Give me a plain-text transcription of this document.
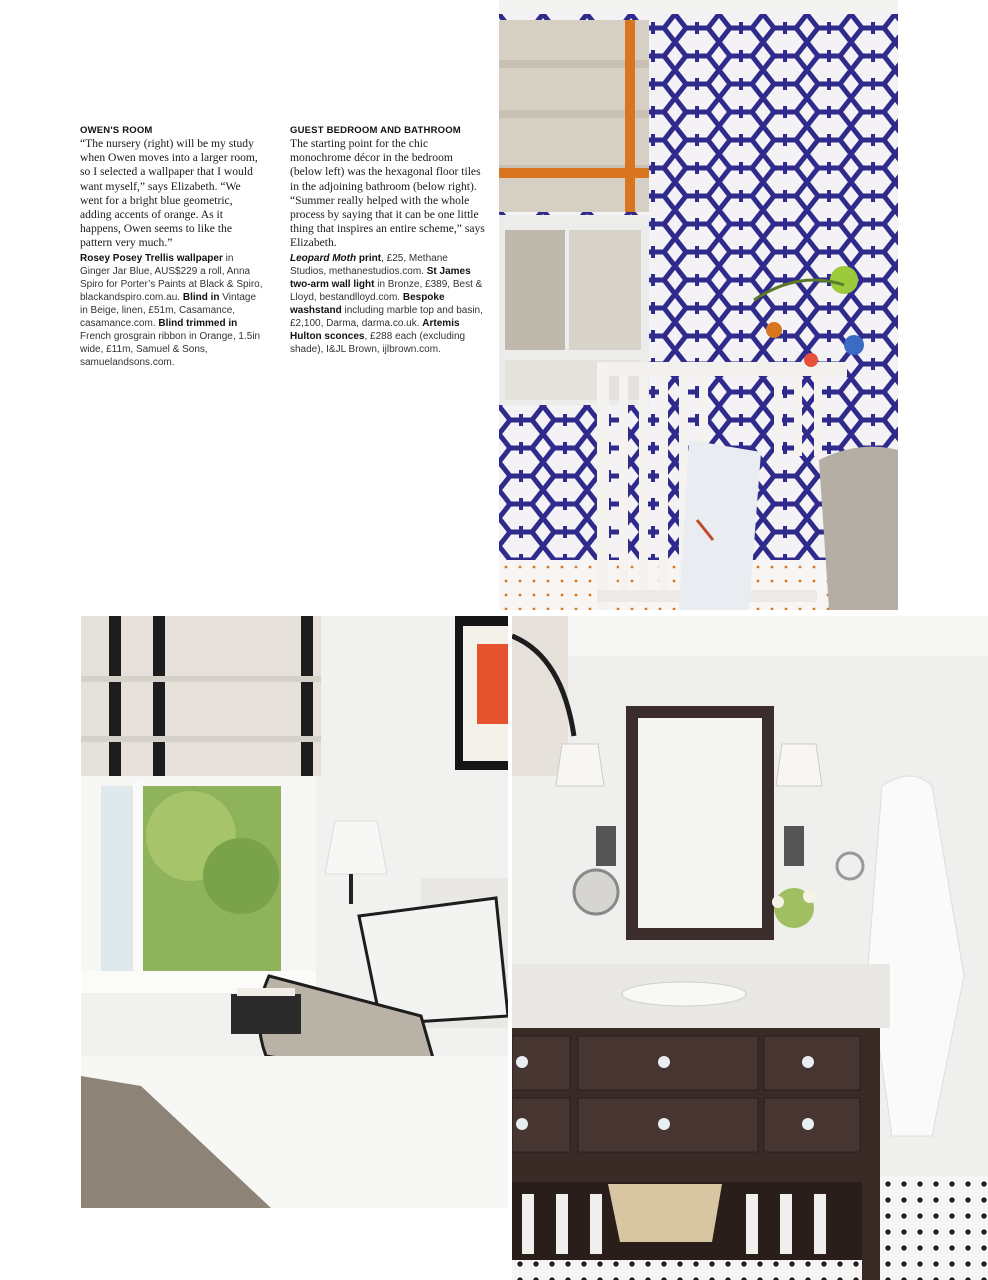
OWEN'S ROOM

“The nursery (right) will be my study when Owen moves into a larger room, so I selected a wallpaper that I would want myself,” says Elizabeth. “We went for a bright blue geometric, adding accents of orange. As it happens, Owen seems to like the pattern very much.”

Rosey Posey Trellis wallpaper in Ginger Jar Blue, AUS$229 a roll, Anna Spiro for Porter’s Paints at Black & Spiro, blackandspiro.com.au. Blind in Vintage in Beige, linen, £51m, Casamance, casamance.com. Blind trimmed in French grosgrain ribbon in Orange, 1.5in wide, £11m, Samuel & Sons, samuelandsons.com.

GUEST BEDROOM AND BATHROOM

The starting point for the chic monochrome décor in the bedroom (below left) was the hexagonal floor tiles in the adjoining bathroom (below right). “Summer really helped with the whole process by saying that it can be one little thing that inspires an entire scheme,” says Elizabeth.

Leopard Moth print, £25, Methane Studios, methanestudios.com. St James two-arm wall light in Bronze, £389, Best & Lloyd, bestandlloyd.com. Bespoke washstand including marble top and basin, £2,100, Darma, darma.co.uk. Artemis Hulton sconces, £288 each (excluding shade), I&JL Brown, ijlbrown.com.
